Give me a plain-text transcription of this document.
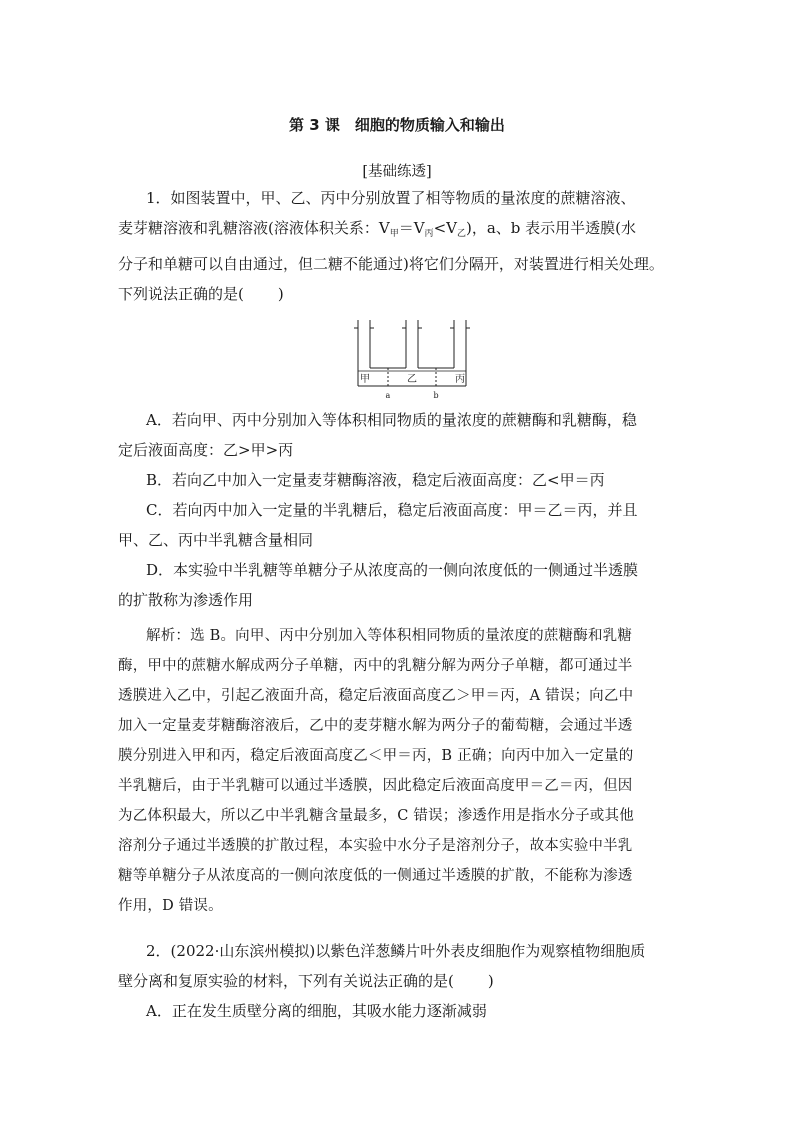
第 3 课　细胞的物质输入和输出
[基础练透]
1．如图装置中，甲、乙、丙中分别放置了相等物质的量浓度的蔗糖溶液、
麦芽糖溶液和乳糖溶液(溶液体积关系：$V_甲=V_丙<V_乙$)，a、b 表示用半透膜(水
分子和单糖可以自由通过，但二糖不能通过)将它们分隔开，对装置进行相关处理。
下列说法正确的是( )
甲	乙	丙
a	b
A．若向甲、丙中分别加入等体积相同物质的量浓度的蔗糖酶和乳糖酶，稳
定后液面高度：乙>甲>丙
B．若向乙中加入一定量麦芽糖酶溶液，稳定后液面高度：乙<甲＝丙
C．若向丙中加入一定量的半乳糖后，稳定后液面高度：甲＝乙＝丙，并且
甲、乙、丙中半乳糖含量相同
D．本实验中半乳糖等单糖分子从浓度高的一侧向浓度低的一侧通过半透膜
的扩散称为渗透作用
解析：选 B。向甲、丙中分别加入等体积相同物质的量浓度的蔗糖酶和乳糖
酶，甲中的蔗糖水解成两分子单糖，丙中的乳糖分解为两分子单糖，都可通过半
透膜进入乙中，引起乙液面升高，稳定后液面高度乙＞甲＝丙，A 错误；向乙中
加入一定量麦芽糖酶溶液后，乙中的麦芽糖水解为两分子的葡萄糖，会通过半透
膜分别进入甲和丙，稳定后液面高度乙＜甲＝丙，B 正确；向丙中加入一定量的
半乳糖后，由于半乳糖可以通过半透膜，因此稳定后液面高度甲＝乙＝丙，但因
为乙体积最大，所以乙中半乳糖含量最多，C 错误；渗透作用是指水分子或其他
溶剂分子通过半透膜的扩散过程，本实验中水分子是溶剂分子，故本实验中半乳
糖等单糖分子从浓度高的一侧向浓度低的一侧通过半透膜的扩散，不能称为渗透
作用，D 错误。
2．(2022·山东滨州模拟)以紫色洋葱鳞片叶外表皮细胞作为观察植物细胞质
壁分离和复原实验的材料，下列有关说法正确的是( )
A．正在发生质壁分离的细胞，其吸水能力逐渐减弱
